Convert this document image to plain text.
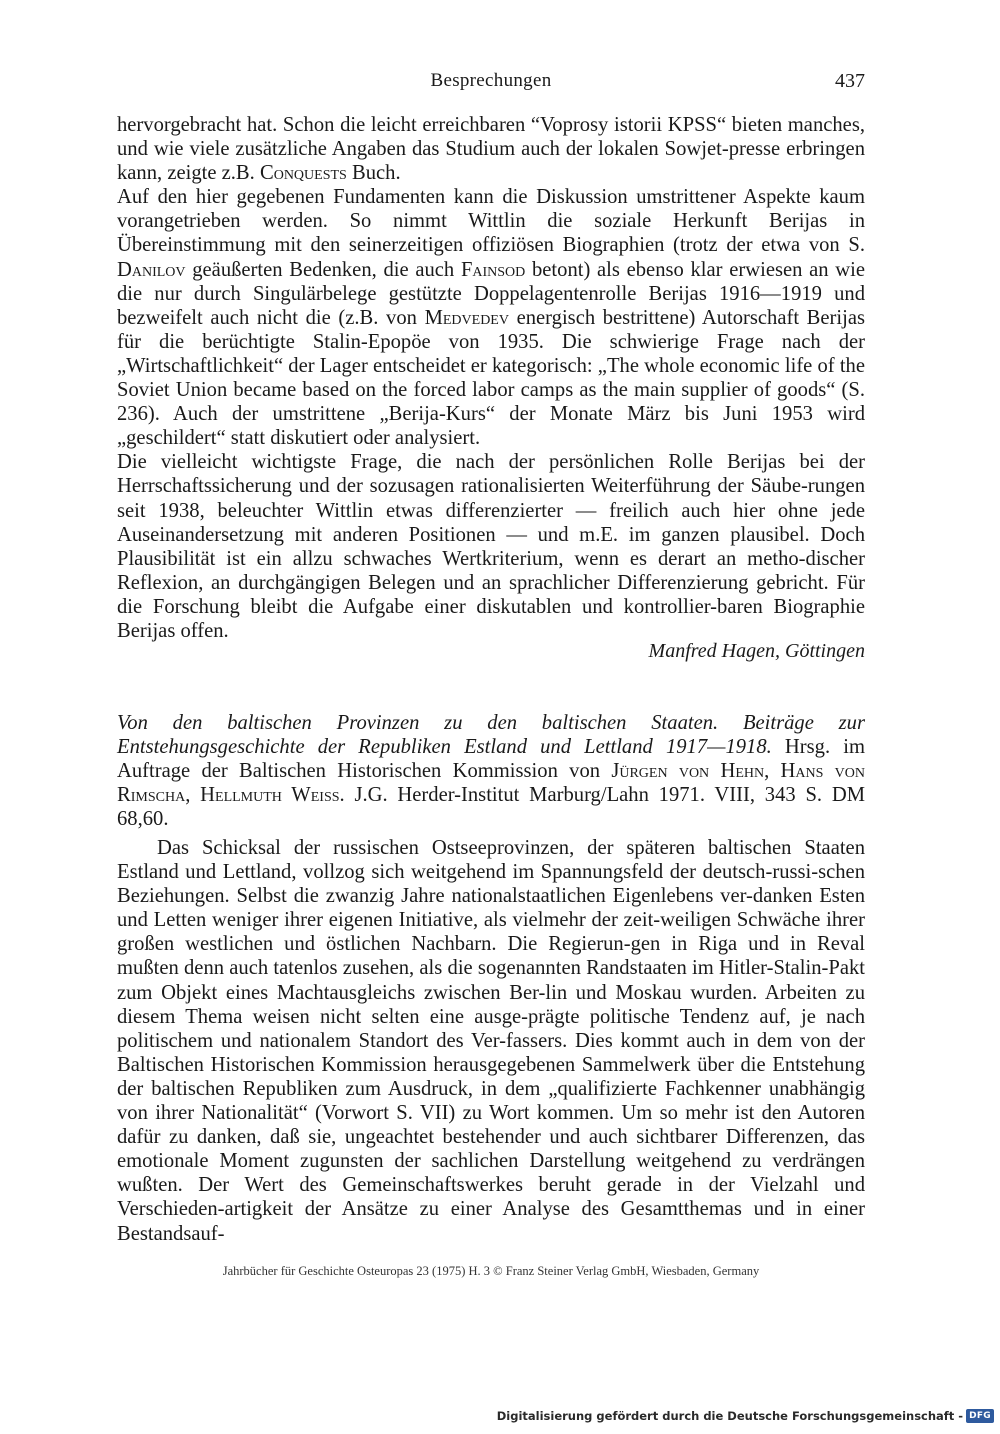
Besprechungen	437

hervorgebracht hat. Schon die leicht erreichbaren “Voprosy istorii KPSS“ bieten manches, und wie viele zusätzliche Angaben das Studium auch der lokalen Sowjet-presse erbringen kann, zeigte z.B. Conquests Buch.

Auf den hier gegebenen Fundamenten kann die Diskussion umstrittener Aspekte kaum vorangetrieben werden. So nimmt Wittlin die soziale Herkunft Berijas in Übereinstimmung mit den seinerzeitigen offiziösen Biographien (trotz der etwa von S. Danilov geäußerten Bedenken, die auch Fainsod betont) als ebenso klar erwiesen an wie die nur durch Singulärbelege gestützte Doppelagentenrolle Berijas 1916—1919 und bezweifelt auch nicht die (z.B. von Medvedev energisch bestrittene) Autorschaft Berijas für die berüchtigte Stalin-Epopöe von 1935. Die schwierige Frage nach der „Wirtschaftlichkeit“ der Lager entscheidet er kategorisch: „The whole economic life of the Soviet Union became based on the forced labor camps as the main supplier of goods“ (S. 236). Auch der umstrittene „Berija-Kurs“ der Monate März bis Juni 1953 wird „geschildert“ statt diskutiert oder analysiert.

Die vielleicht wichtigste Frage, die nach der persönlichen Rolle Berijas bei der Herrschaftssicherung und der sozusagen rationalisierten Weiterführung der Säube-rungen seit 1938, beleuchter Wittlin etwas differenzierter — freilich auch hier ohne jede Auseinandersetzung mit anderen Positionen — und m.E. im ganzen plausibel. Doch Plausibilität ist ein allzu schwaches Wertkriterium, wenn es derart an metho-discher Reflexion, an durchgängigen Belegen und an sprachlicher Differenzierung gebricht. Für die Forschung bleibt die Aufgabe einer diskutablen und kontrollier-baren Biographie Berijas offen.

Manfred Hagen, Göttingen
Von den baltischen Provinzen zu den baltischen Staaten. Beiträge zur Entstehungsgeschichte der Republiken Estland und Lettland 1917—1918. Hrsg. im Auftrage der Baltischen Historischen Kommission von Jürgen von Hehn, Hans von Rimscha, Hellmuth Weiss. J.G. Herder-Institut Marburg/Lahn 1971. VIII, 343 S. DM 68,60.

Das Schicksal der russischen Ostseeprovinzen, der späteren baltischen Staaten Estland und Lettland, vollzog sich weitgehend im Spannungsfeld der deutsch-russi-schen Beziehungen. Selbst die zwanzig Jahre nationalstaatlichen Eigenlebens ver-danken Esten und Letten weniger ihrer eigenen Initiative, als vielmehr der zeit-weiligen Schwäche ihrer großen westlichen und östlichen Nachbarn. Die Regierun-gen in Riga und in Reval mußten denn auch tatenlos zusehen, als die sogenannten Randstaaten im Hitler-Stalin-Pakt zum Objekt eines Machtausgleichs zwischen Ber-lin und Moskau wurden. Arbeiten zu diesem Thema weisen nicht selten eine ausge-prägte politische Tendenz auf, je nach politischem und nationalem Standort des Ver-fassers. Dies kommt auch in dem von der Baltischen Historischen Kommission herausgegebenen Sammelwerk über die Entstehung der baltischen Republiken zum Ausdruck, in dem „qualifizierte Fachkenner unabhängig von ihrer Nationalität“ (Vorwort S. VII) zu Wort kommen. Um so mehr ist den Autoren dafür zu danken, daß sie, ungeachtet bestehender und auch sichtbarer Differenzen, das emotionale Moment zugunsten der sachlichen Darstellung weitgehend zu verdrängen wußten. Der Wert des Gemeinschaftswerkes beruht gerade in der Vielzahl und Verschieden-artigkeit der Ansätze zu einer Analyse des Gesamtthemas und in einer Bestandsauf-

Jahrbücher für Geschichte Osteuropas 23 (1975) H. 3 © Franz Steiner Verlag GmbH, Wiesbaden, Germany
Digitalisierung gefördert durch die Deutsche Forschungsgemeinschaft - DFG
